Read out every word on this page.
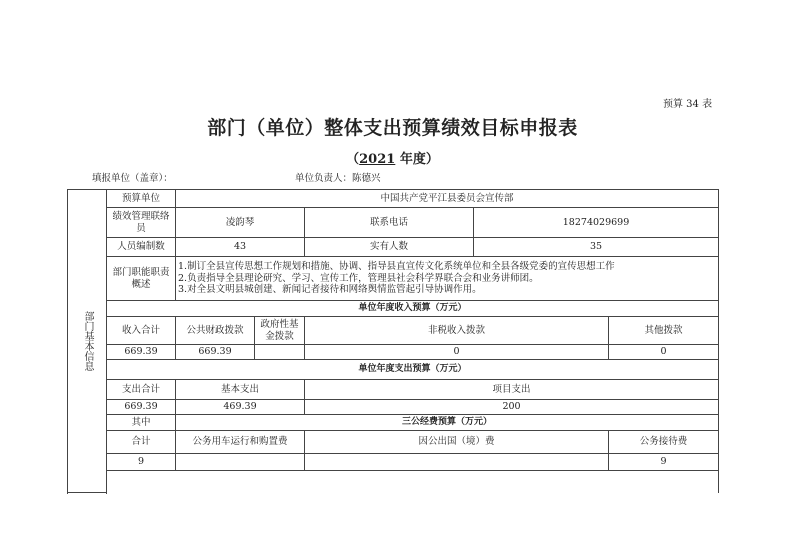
预算 34 表
部门（单位）整体支出预算绩效目标申报表
（2021 年度）
填报单位（盖章）：	单位负责人：陈德兴
部门基本信息	预算单位	中国共产党平江县委员会宣传部				
	绩效管理联络员	凌韵琴		联系电话	18274029699	
	人员编制数	43		实有人数	35	
	部门职能职责概述	1.制订全县宣传思想工作规划和措施、协调、指导县直宣传文化系统单位和全县各级党委的宣传思想工作
2.负责指导全县理论研究、学习、宣传工作，管理县社会科学界联合会和业务讲师团。
3.对全县文明县城创建、新闻记者接待和网络舆情监管起引导协调作用。				

	单位年度收入预算（万元）					
	收入合计	公共财政拨款	政府性基金拨款	非税收入拨款		其他拨款
	669.39	669.39		0		0
	单位年度支出预算（万元）					
	支出合计	基本支出		项目支出		
	669.39	469.39		200		
	其中	三公经费预算（万元）				
	合计	公务用车运行和购置费		因公出国（境）费		公务接待费
	9					9
